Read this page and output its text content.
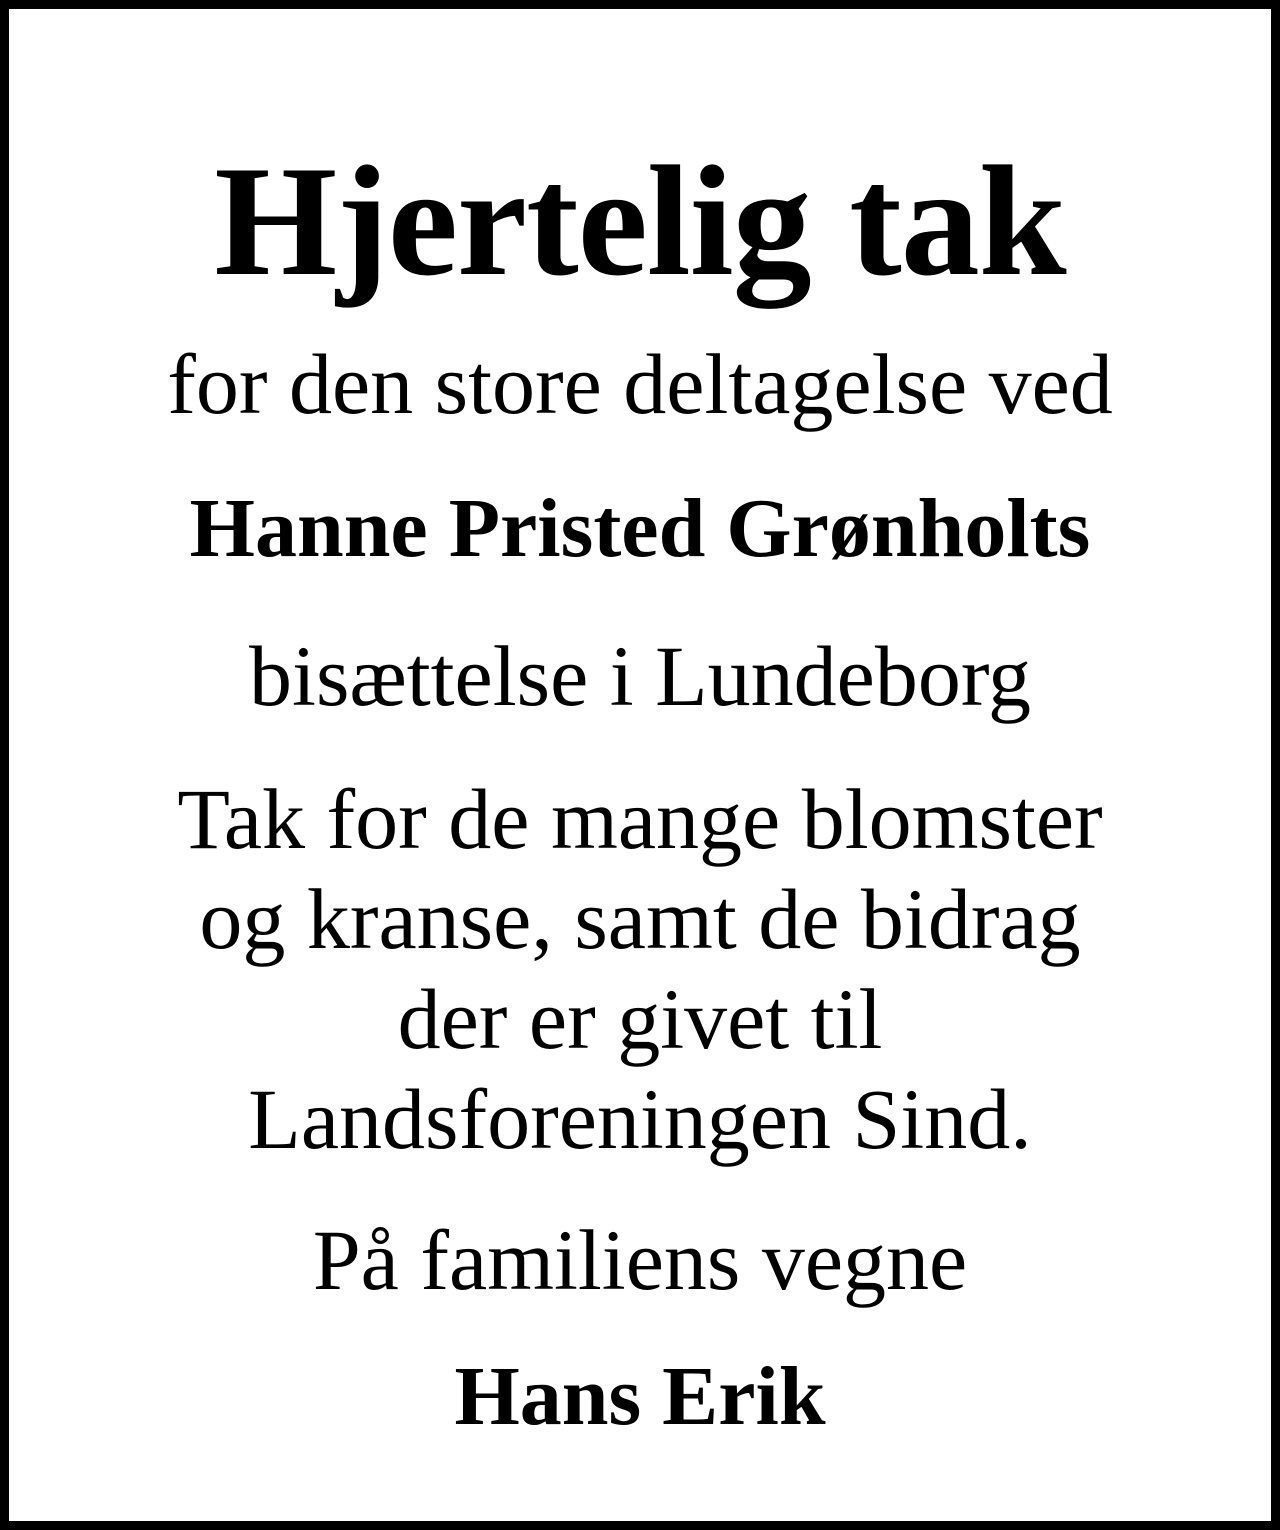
Hjertelig tak

for den store deltagelse ved

Hanne Pristed Grønholts

bisættelse i Lundeborg

Tak for de mange blomster
og kranse, samt de bidrag
der er givet til
Landsforeningen Sind.

På familiens vegne

Hans Erik
